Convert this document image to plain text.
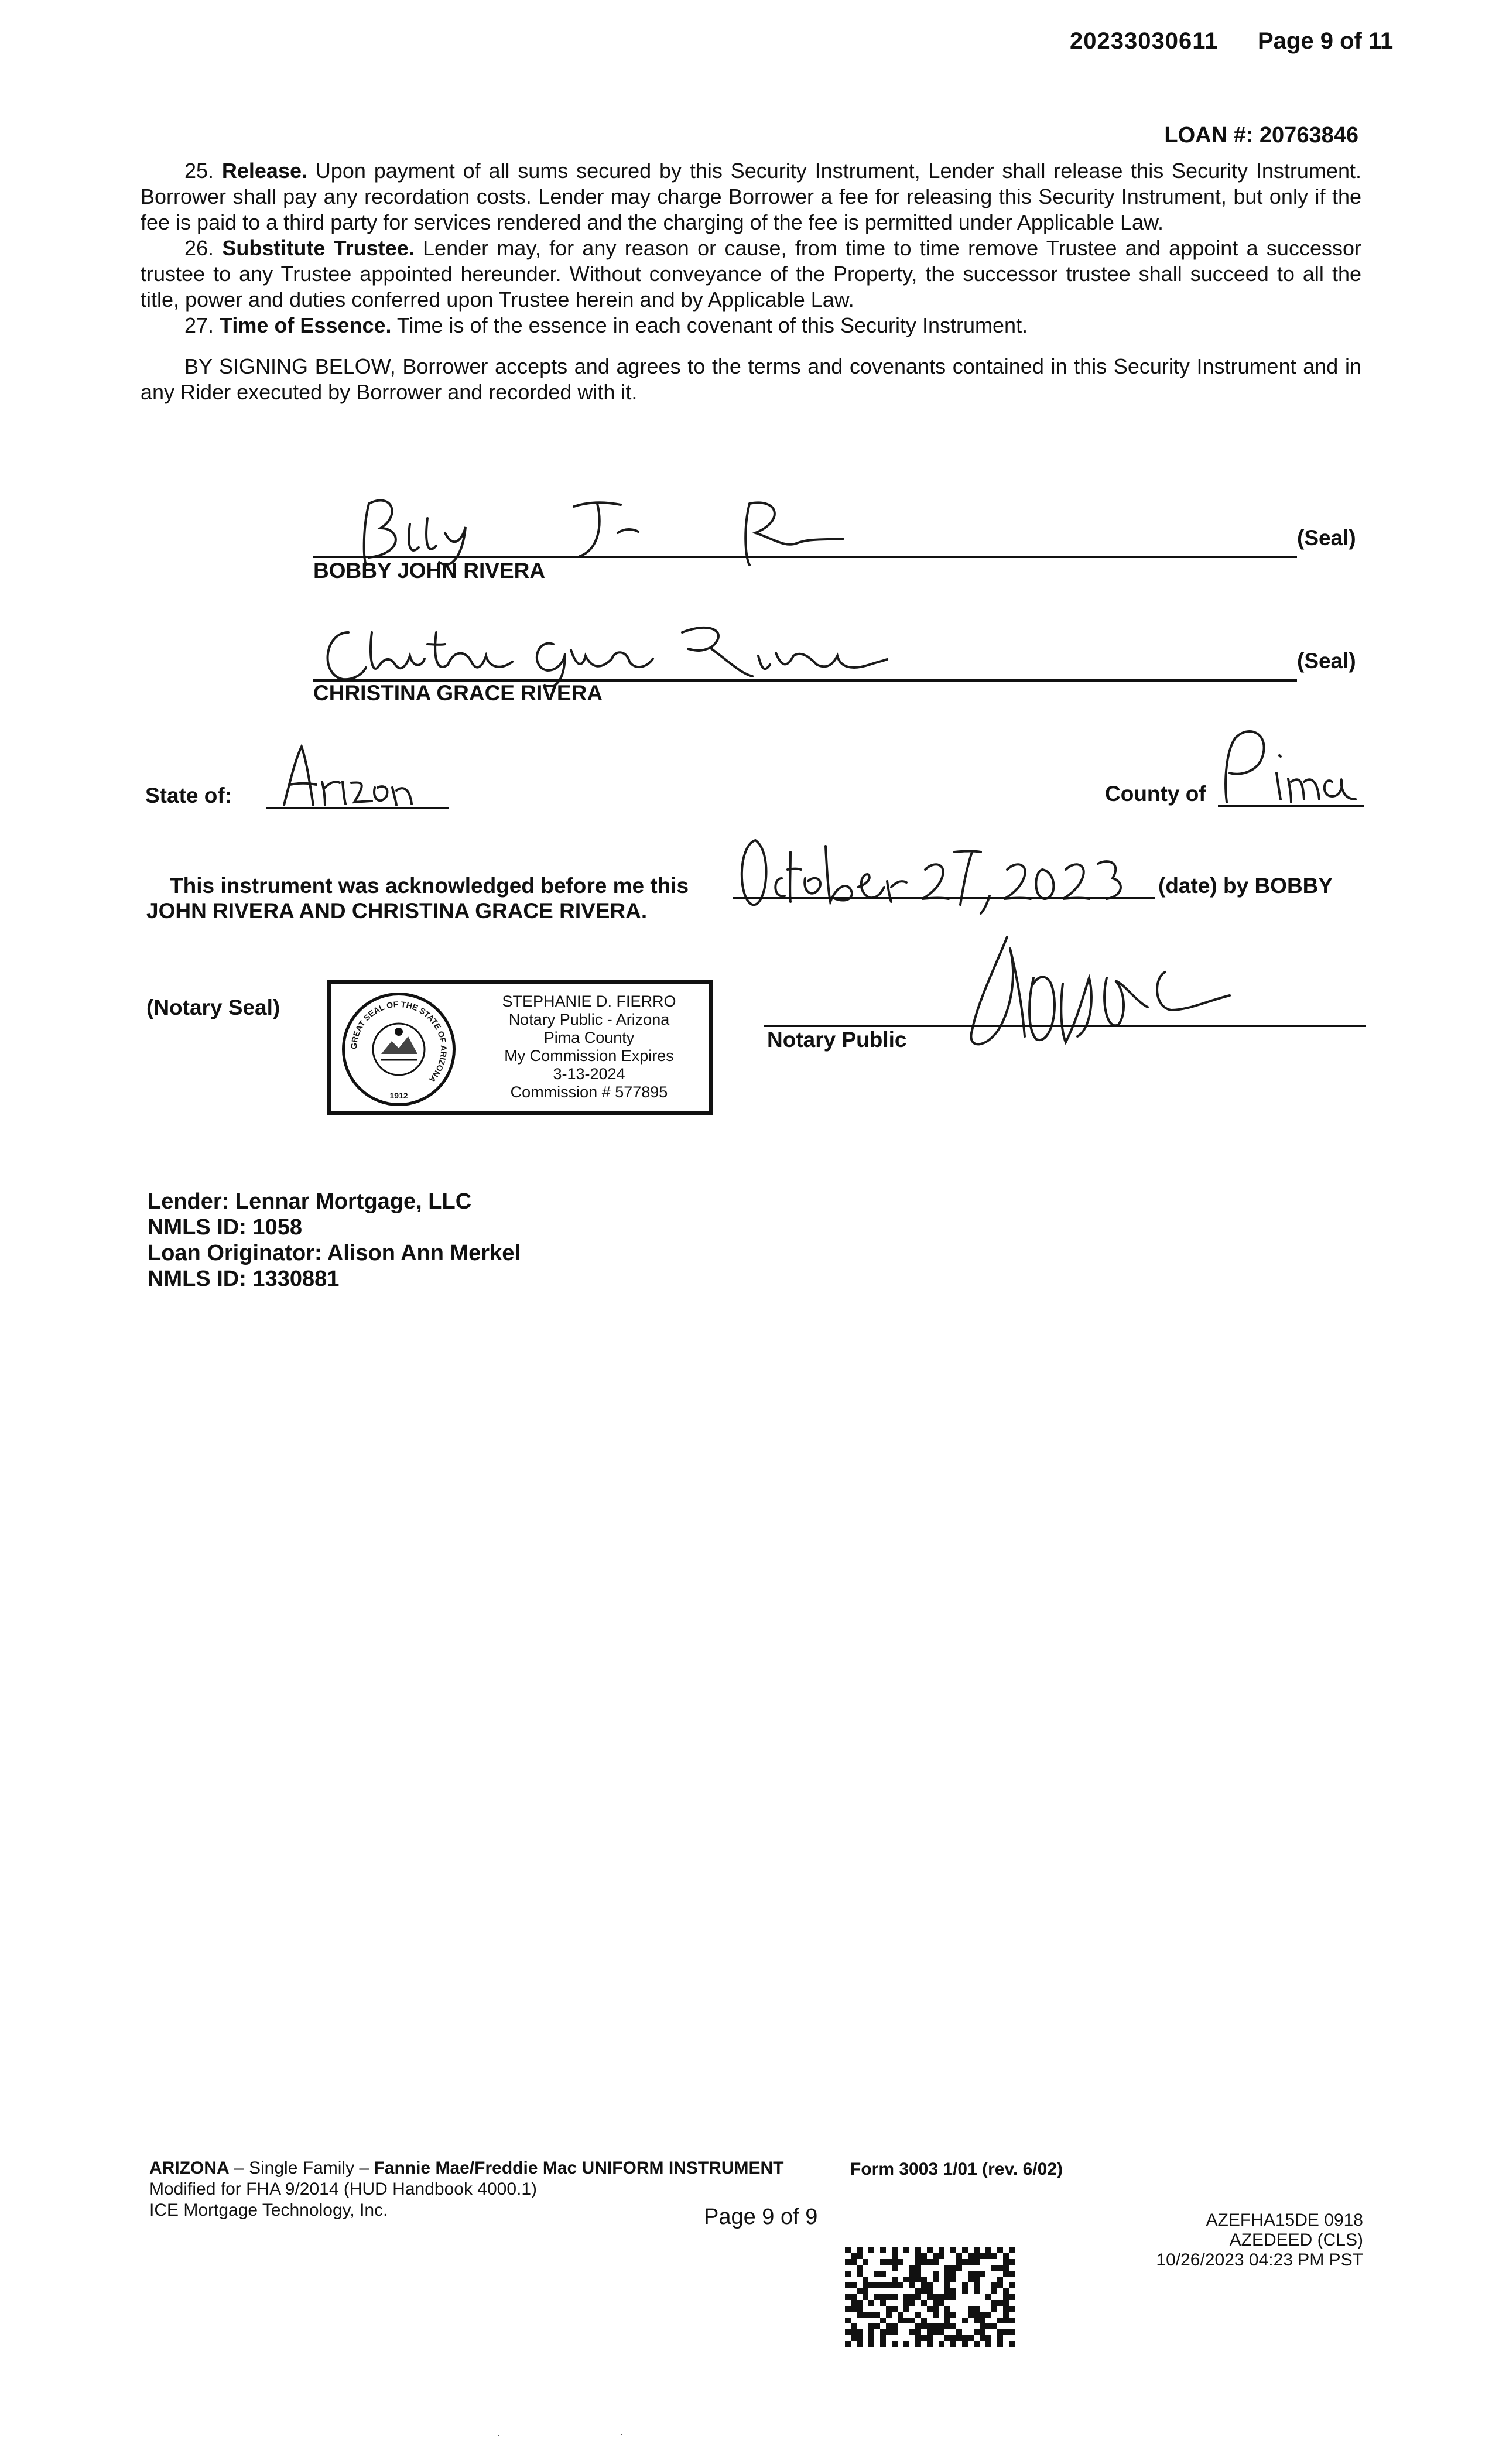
20233030611 Page 9 of 11
LOAN #: 20763846

25. Release. Upon payment of all sums secured by this Security Instrument, Lender shall release this Security Instrument. Borrower shall pay any recordation costs. Lender may charge Borrower a fee for releasing this Security Instrument, but only if the fee is paid to a third party for services rendered and the charging of the fee is permitted under Applicable Law.

26. Substitute Trustee. Lender may, for any reason or cause, from time to time remove Trustee and appoint a successor trustee to any Trustee appointed hereunder. Without conveyance of the Property, the successor trustee shall succeed to all the title, power and duties conferred upon Trustee herein and by Applicable Law.

27. Time of Essence. Time is of the essence in each covenant of this Security Instrument.

BY SIGNING BELOW, Borrower accepts and agrees to the terms and covenants contained in this Security Instrument and in any Rider executed by Borrower and recorded with it.

BOBBY JOHN RIVERA
(Seal)
CHRISTINA GRACE RIVERA
(Seal)
State of:	County of
This instrument was acknowledged before me this	(date) by BOBBY
JOHN RIVERA AND CHRISTINA GRACE RIVERA.
(Notary Seal)
GREAT SEAL OF THE STATE OF ARIZONA
1912
STEPHANIE D. FIERRO
Notary Public - Arizona
Pima County
My Commission Expires
3-13-2024
Commission # 577895
Notary Public
Lender: Lennar Mortgage, LLC
NMLS ID: 1058
Loan Originator: Alison Ann Merkel
NMLS ID: 1330881
ARIZONA – Single Family – Fannie Mae/Freddie Mac UNIFORM INSTRUMENT
Modified for FHA 9/2014 (HUD Handbook 4000.1)
ICE Mortgage Technology, Inc.
Form 3003 1/01 (rev. 6/02)
Page 9 of 9	AZEFHA15DE 0918
AZEDEED (CLS)
10/26/2023 04:23 PM PST
